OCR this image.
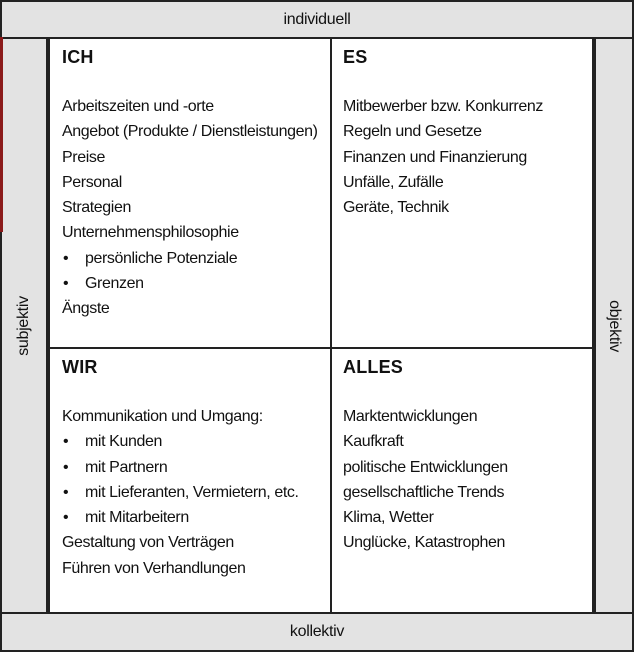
individuell
subjektiv	objektiv
kollektiv
ICH
Arbeitszeiten und -orte
Angebot (Produkte / Dienstleistungen)
Preise
Personal
Strategien
Unternehmensphilosophie
• persönliche Potenziale
• Grenzen
Ängste
ES
Mitbewerber bzw. Konkurrenz
Regeln und Gesetze
Finanzen und Finanzierung
Unfälle, Zufälle
Geräte, Technik
WIR
Kommunikation und Umgang:
• mit Kunden
• mit Partnern
• mit Lieferanten, Vermietern, etc.
• mit Mitarbeitern
Gestaltung von Verträgen
Führen von Verhandlungen
ALLES
Marktentwicklungen
Kaufkraft
politische Entwicklungen
gesellschaftliche Trends
Klima, Wetter
Unglücke, Katastrophen
